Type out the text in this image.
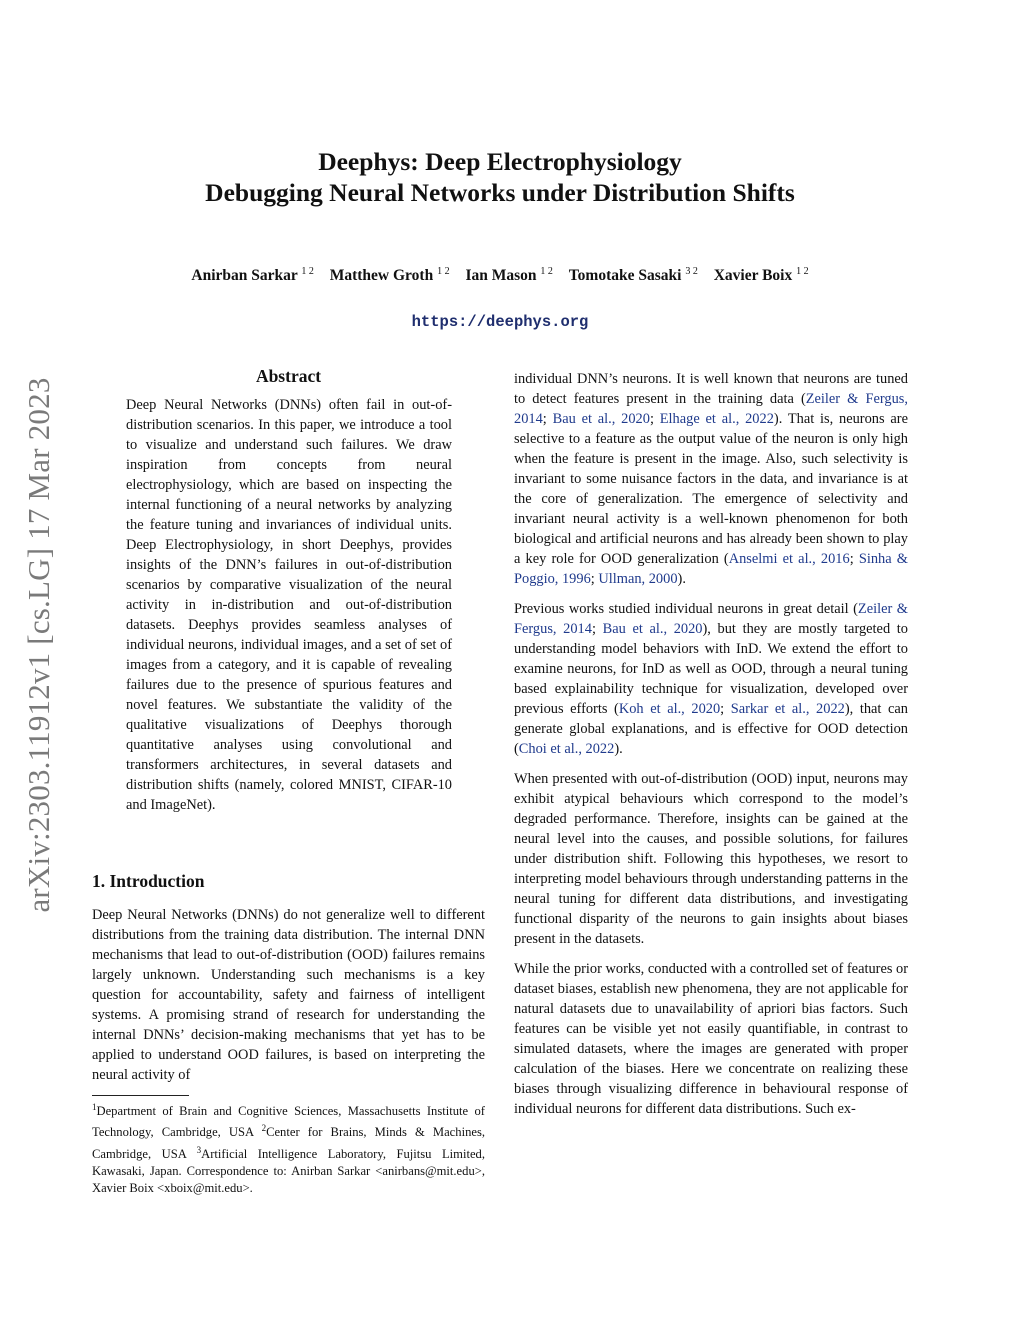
arXiv:2303.11912v1 [cs.LG] 17 Mar 2023
Deephys: Deep Electrophysiology
Debugging Neural Networks under Distribution Shifts
Anirban Sarkar $^{1 2}$ Matthew Groth $^{1 2}$ Ian Mason $^{1 2}$ Tomotake Sasaki $^{3 2}$ Xavier Boix $^{1 2}$
https://deephys.org
Abstract
Deep Neural Networks (DNNs) often fail in out-of-distribution scenarios. In this paper, we introduce a tool to visualize and understand such failures. We draw inspiration from concepts from neural electrophysiology, which are based on inspecting the internal functioning of a neural networks by analyzing the feature tuning and invariances of individual units. Deep Electrophysiology, in short Deephys, provides insights of the DNN’s failures in out-of-distribution scenarios by comparative visualization of the neural activity in in-distribution and out-of-distribution datasets. Deephys provides seamless analyses of individual neurons, individual images, and a set of set of images from a category, and it is capable of revealing failures due to the presence of spurious features and novel features. We substantiate the validity of the qualitative visualizations of Deephys thorough quantitative analyses using convolutional and transformers architectures, in several datasets and distribution shifts (namely, colored MNIST, CIFAR-10 and ImageNet).
1. Introduction

Deep Neural Networks (DNNs) do not generalize well to different distributions from the training data distribution. The internal DNN mechanisms that lead to out-of-distribution (OOD) failures remains largely unknown. Understanding such mechanisms is a key question for accountability, safety and fairness of intelligent systems. A promising strand of research for understanding the internal DNNs’ decision-making mechanisms that yet has to be applied to understand OOD failures, is based on interpreting the neural activity of

$^1$Department of Brain and Cognitive Sciences, Massachusetts Institute of Technology, Cambridge, USA $^2$Center for Brains, Minds & Machines, Cambridge, USA $^3$Artificial Intelligence Laboratory, Fujitsu Limited, Kawasaki, Japan. Correspondence to: Anirban Sarkar <anirbans@mit.edu>, Xavier Boix <xboix@mit.edu>.

individual DNN’s neurons. It is well known that neurons are tuned to detect features present in the training data (Zeiler & Fergus, 2014; Bau et al., 2020; Elhage et al., 2022). That is, neurons are selective to a feature as the output value of the neuron is only high when the feature is present in the image. Also, such selectivity is invariant to some nuisance factors in the data, and invariance is at the core of generalization. The emergence of selectivity and invariant neural activity is a well-known phenomenon for both biological and artificial neurons and has already been shown to play a key role for OOD generalization (Anselmi et al., 2016; Sinha & Poggio, 1996; Ullman, 2000).

Previous works studied individual neurons in great detail (Zeiler & Fergus, 2014; Bau et al., 2020), but they are mostly targeted to understanding model behaviors with InD. We extend the effort to examine neurons, for InD as well as OOD, through a neural tuning based explainability technique for visualization, developed over previous efforts (Koh et al., 2020; Sarkar et al., 2022), that can generate global explanations, and is effective for OOD detection (Choi et al., 2022).

When presented with out-of-distribution (OOD) input, neurons may exhibit atypical behaviours which correspond to the model’s degraded performance. Therefore, insights can be gained at the neural level into the causes, and possible solutions, for failures under distribution shift. Following this hypotheses, we resort to interpreting model behaviours through understanding patterns in the neural tuning for different data distributions, and investigating functional disparity of the neurons to gain insights about biases present in the datasets.

While the prior works, conducted with a controlled set of features or dataset biases, establish new phenomena, they are not applicable for natural datasets due to unavailability of apriori bias factors. Such features can be visible yet not easily quantifiable, in contrast to simulated datasets, where the images are generated with proper calculation of the biases. Here we concentrate on realizing these biases through visualizing difference in behavioural response of individual neurons for different data distributions. Such ex-
